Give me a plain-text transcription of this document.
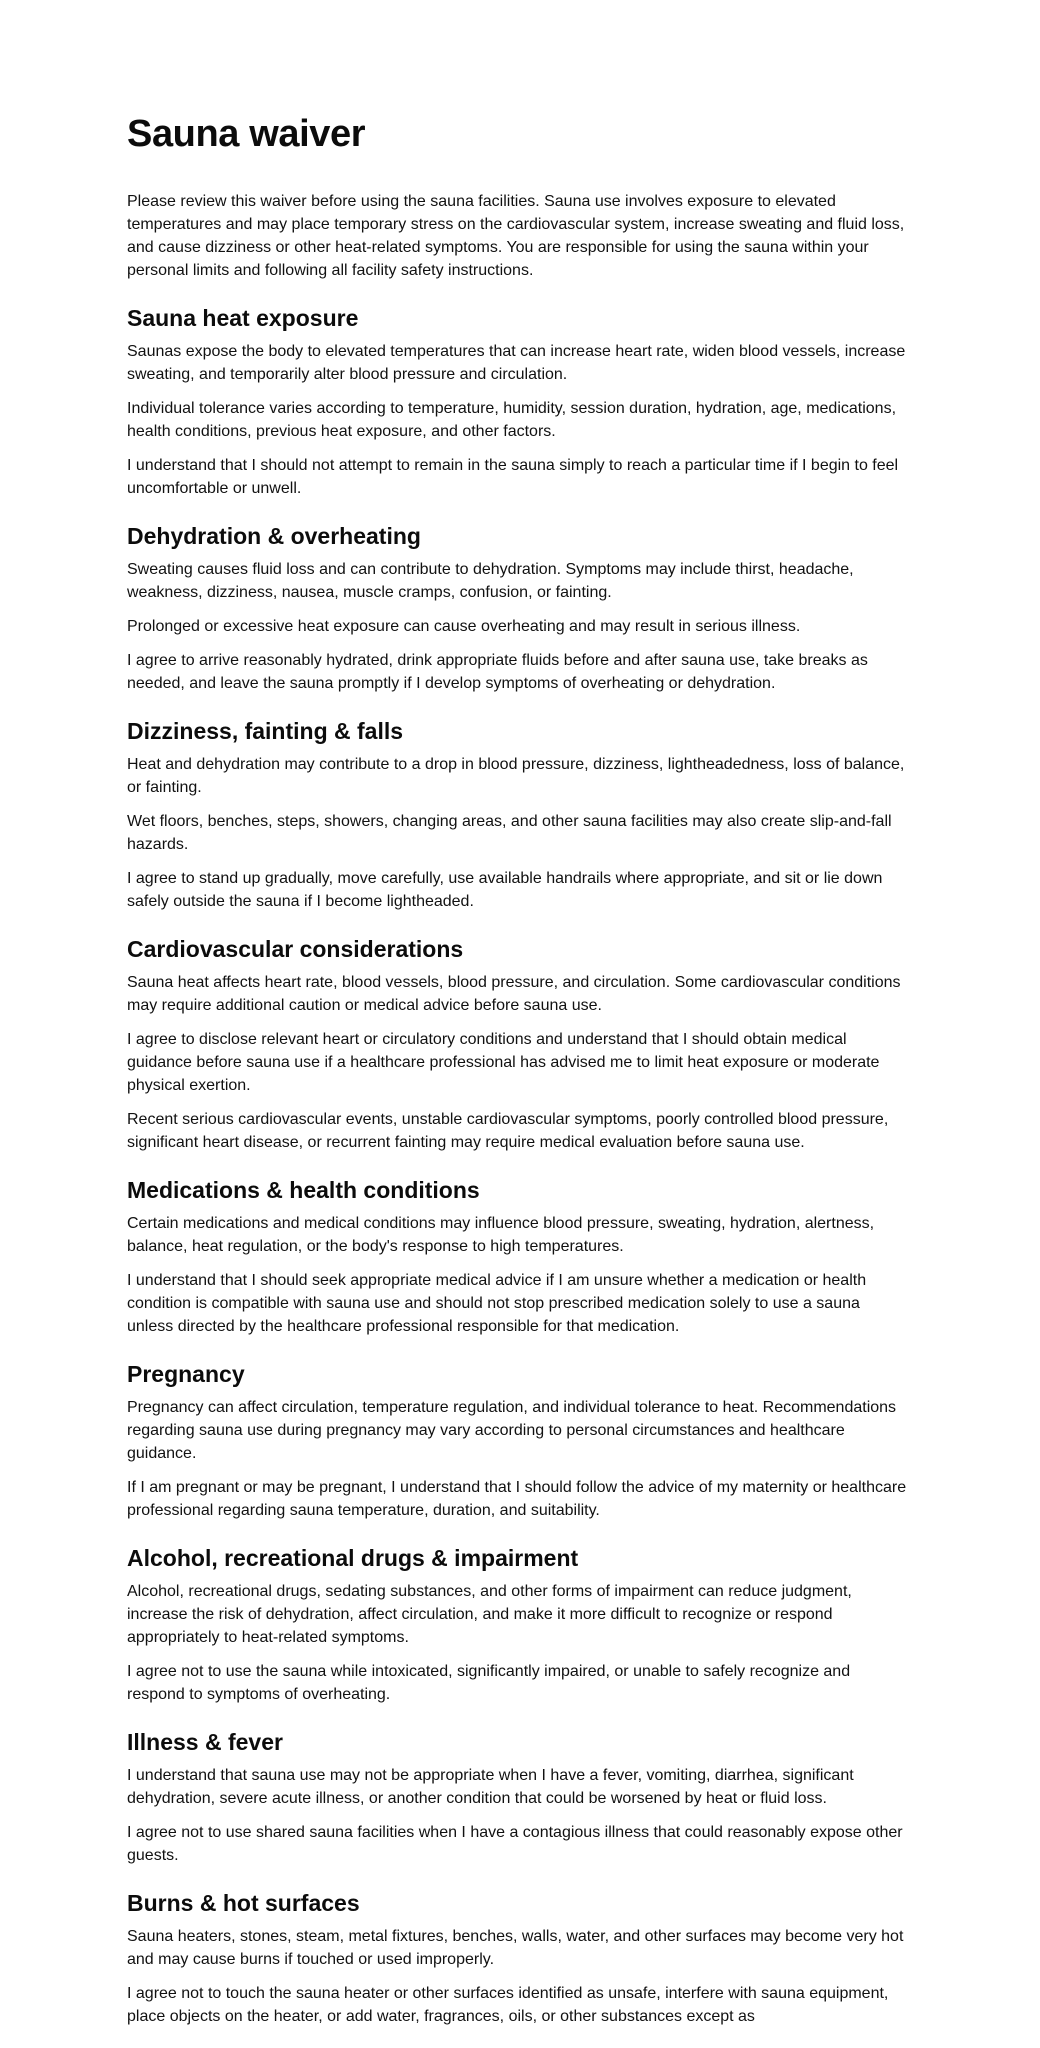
Sauna waiver

Please review this waiver before using the sauna facilities. Sauna use involves exposure to elevated temperatures and may place temporary stress on the cardiovascular system, increase sweating and fluid loss, and cause dizziness or other heat-related symptoms. You are responsible for using the sauna within your personal limits and following all facility safety instructions.

Sauna heat exposure

Saunas expose the body to elevated temperatures that can increase heart rate, widen blood vessels, increase sweating, and temporarily alter blood pressure and circulation.

Individual tolerance varies according to temperature, humidity, session duration, hydration, age, medications, health conditions, previous heat exposure, and other factors.

I understand that I should not attempt to remain in the sauna simply to reach a particular time if I begin to feel uncomfortable or unwell.

Dehydration & overheating

Sweating causes fluid loss and can contribute to dehydration. Symptoms may include thirst, headache, weakness, dizziness, nausea, muscle cramps, confusion, or fainting.

Prolonged or excessive heat exposure can cause overheating and may result in serious illness.

I agree to arrive reasonably hydrated, drink appropriate fluids before and after sauna use, take breaks as needed, and leave the sauna promptly if I develop symptoms of overheating or dehydration.

Dizziness, fainting & falls

Heat and dehydration may contribute to a drop in blood pressure, dizziness, lightheadedness, loss of balance, or fainting.

Wet floors, benches, steps, showers, changing areas, and other sauna facilities may also create slip-and-fall hazards.

I agree to stand up gradually, move carefully, use available handrails where appropriate, and sit or lie down safely outside the sauna if I become lightheaded.

Cardiovascular considerations

Sauna heat affects heart rate, blood vessels, blood pressure, and circulation. Some cardiovascular conditions may require additional caution or medical advice before sauna use.

I agree to disclose relevant heart or circulatory conditions and understand that I should obtain medical guidance before sauna use if a healthcare professional has advised me to limit heat exposure or moderate physical exertion.

Recent serious cardiovascular events, unstable cardiovascular symptoms, poorly controlled blood pressure, significant heart disease, or recurrent fainting may require medical evaluation before sauna use.

Medications & health conditions

Certain medications and medical conditions may influence blood pressure, sweating, hydration, alertness, balance, heat regulation, or the body's response to high temperatures.

I understand that I should seek appropriate medical advice if I am unsure whether a medication or health condition is compatible with sauna use and should not stop prescribed medication solely to use a sauna unless directed by the healthcare professional responsible for that medication.

Pregnancy

Pregnancy can affect circulation, temperature regulation, and individual tolerance to heat. Recommendations regarding sauna use during pregnancy may vary according to personal circumstances and healthcare guidance.

If I am pregnant or may be pregnant, I understand that I should follow the advice of my maternity or healthcare professional regarding sauna temperature, duration, and suitability.

Alcohol, recreational drugs & impairment

Alcohol, recreational drugs, sedating substances, and other forms of impairment can reduce judgment, increase the risk of dehydration, affect circulation, and make it more difficult to recognize or respond appropriately to heat-related symptoms.

I agree not to use the sauna while intoxicated, significantly impaired, or unable to safely recognize and respond to symptoms of overheating.

Illness & fever

I understand that sauna use may not be appropriate when I have a fever, vomiting, diarrhea, significant dehydration, severe acute illness, or another condition that could be worsened by heat or fluid loss.

I agree not to use shared sauna facilities when I have a contagious illness that could reasonably expose other guests.

Burns & hot surfaces

Sauna heaters, stones, steam, metal fixtures, benches, walls, water, and other surfaces may become very hot and may cause burns if touched or used improperly.

I agree not to touch the sauna heater or other surfaces identified as unsafe, interfere with sauna equipment, place objects on the heater, or add water, fragrances, oils, or other substances except as
